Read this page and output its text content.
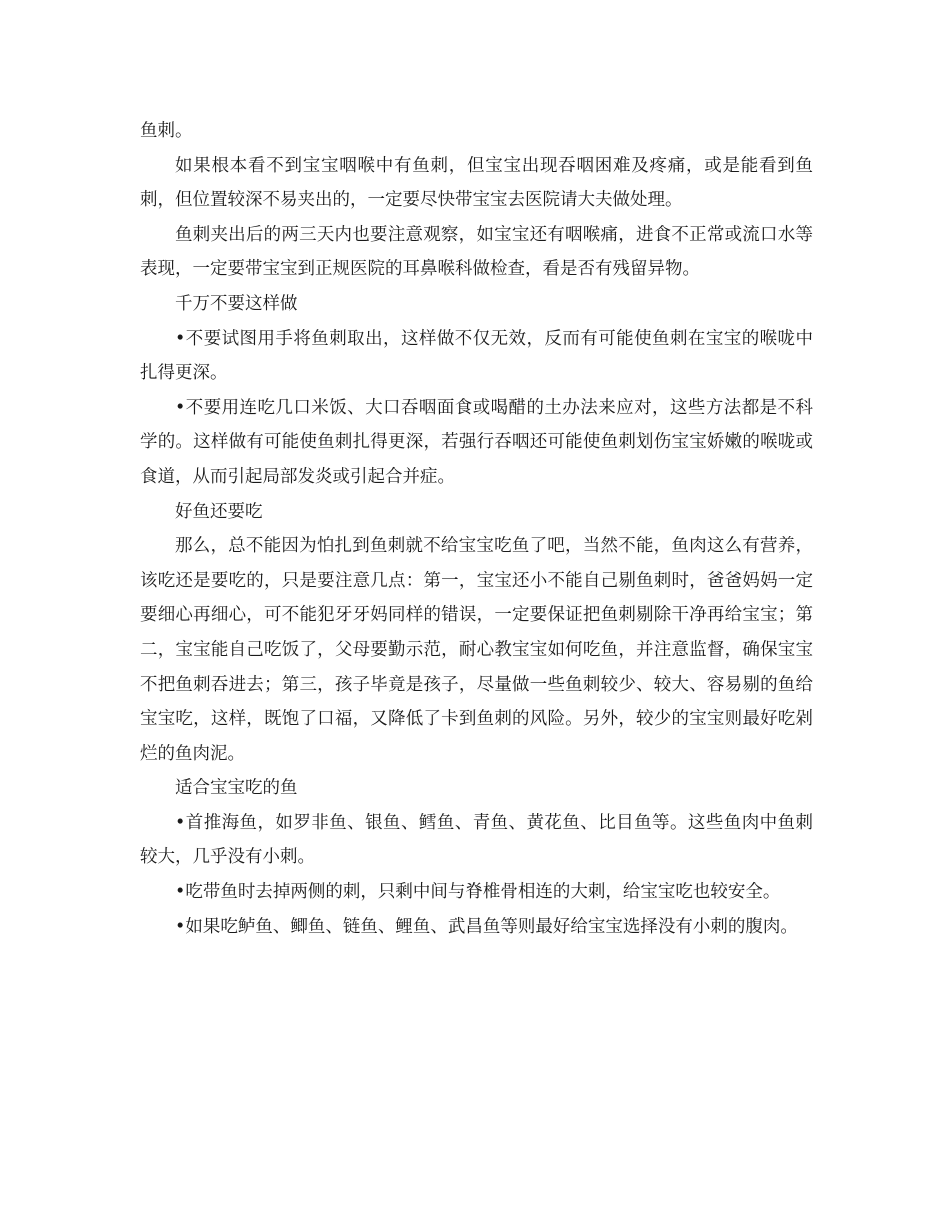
鱼刺。

如果根本看不到宝宝咽喉中有鱼刺，但宝宝出现吞咽困难及疼痛，或是能看到鱼刺，但位置较深不易夹出的，一定要尽快带宝宝去医院请大夫做处理。

鱼刺夹出后的两三天内也要注意观察，如宝宝还有咽喉痛，进食不正常或流口水等表现，一定要带宝宝到正规医院的耳鼻喉科做检查，看是否有残留异物。

千万不要这样做

•不要试图用手将鱼刺取出，这样做不仅无效，反而有可能使鱼刺在宝宝的喉咙中扎得更深。

•不要用连吃几口米饭、大口吞咽面食或喝醋的土办法来应对，这些方法都是不科学的。这样做有可能使鱼刺扎得更深，若强行吞咽还可能使鱼刺划伤宝宝娇嫩的喉咙或食道，从而引起局部发炎或引起合并症。

好鱼还要吃

那么，总不能因为怕扎到鱼刺就不给宝宝吃鱼了吧，当然不能，鱼肉这么有营养，该吃还是要吃的，只是要注意几点：第一，宝宝还小不能自己剔鱼刺时，爸爸妈妈一定要细心再细心，可不能犯牙牙妈同样的错误，一定要保证把鱼刺剔除干净再给宝宝；第二，宝宝能自己吃饭了，父母要勤示范，耐心教宝宝如何吃鱼，并注意监督，确保宝宝不把鱼刺吞进去；第三，孩子毕竟是孩子，尽量做一些鱼刺较少、较大、容易剔的鱼给宝宝吃，这样，既饱了口福，又降低了卡到鱼刺的风险。另外，较少的宝宝则最好吃剁烂的鱼肉泥。

适合宝宝吃的鱼

•首推海鱼，如罗非鱼、银鱼、鳕鱼、青鱼、黄花鱼、比目鱼等。这些鱼肉中鱼刺较大，几乎没有小刺。

•吃带鱼时去掉两侧的刺，只剩中间与脊椎骨相连的大刺，给宝宝吃也较安全。

•如果吃鲈鱼、鲫鱼、链鱼、鲤鱼、武昌鱼等则最好给宝宝选择没有小刺的腹肉。
